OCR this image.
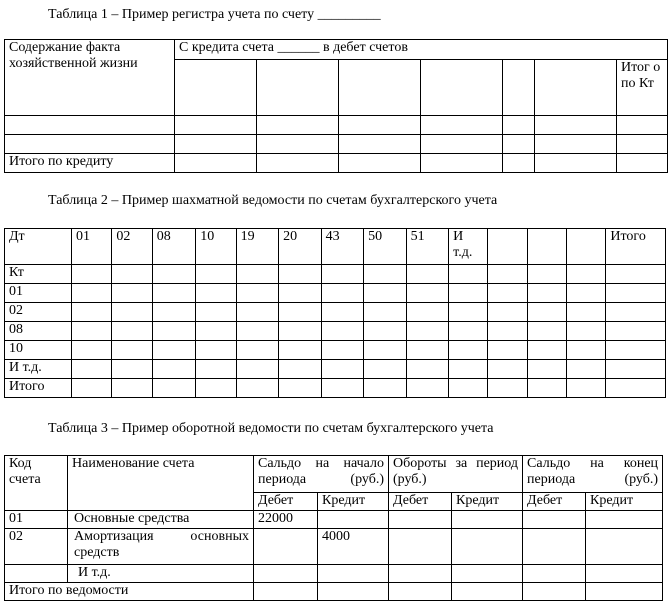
Таблица 1 – Пример регистра учета по счету _________
Содержание факта хозяйственной жизни	С кредита счета ______ в дебет счетов						
							Итог о по Кт

Итого по кредиту							
Таблица 2 – Пример шахматной ведомости по счетам бухгалтерского учета
Дт	01	02	08	10	19	20	43	50	51	И т.д.				Итого
Кт														
01														
02														
08														
10														
И т.д.														
Итого														
Таблица 3 – Пример оборотной ведомости по счетам бухгалтерского учета
Код счета	Наименование счета	Сальдо на начало периода (руб.)		Обороты за период (руб.)		Сальдо на конец периода (руб.)	
		Дебет	Кредит	Дебет	Кредит	Дебет	Кредит
01	Основные средства	22000					
02	Амортизация основных средств		4000				
	И т.д.						
Итого по ведомости							
